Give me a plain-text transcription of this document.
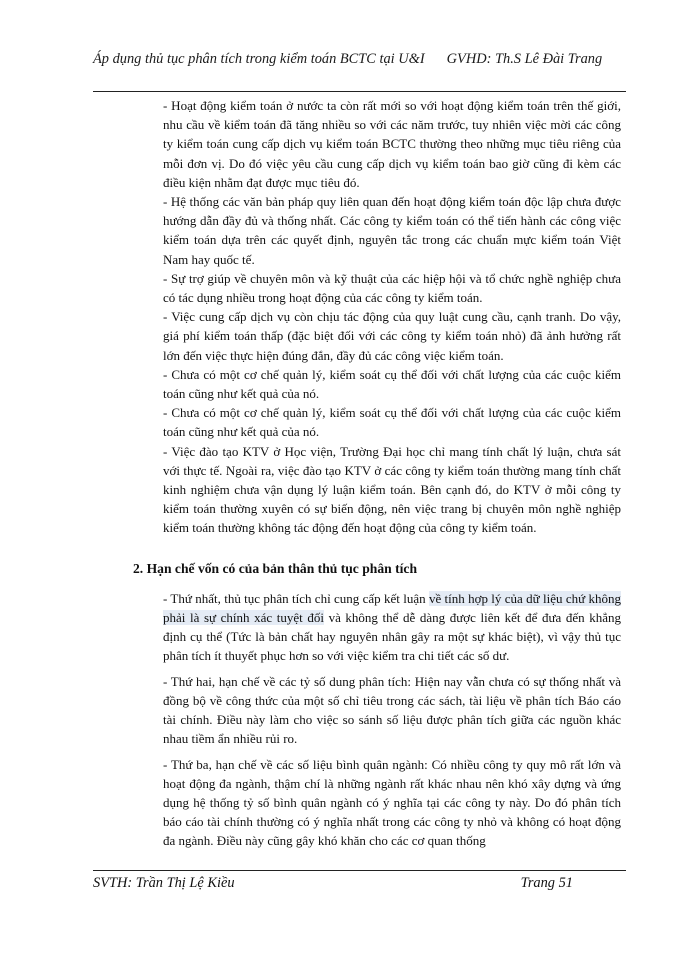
Áp dụng thủ tục phân tích trong kiểm toán BCTC tại U&I GVHD: Th.S Lê Đài Trang

- Hoạt động kiểm toán ở nước ta còn rất mới so với hoạt động kiểm toán trên thế giới, nhu cầu về kiểm toán đã tăng nhiều so với các năm trước, tuy nhiên việc mời các công ty kiểm toán cung cấp dịch vụ kiểm toán BCTC thường theo những mục tiêu riêng của mỗi đơn vị. Do đó việc yêu cầu cung cấp dịch vụ kiểm toán bao giờ cũng đi kèm các điều kiện nhằm đạt được mục tiêu đó.

- Hệ thống các văn bản pháp quy liên quan đến hoạt động kiểm toán độc lập chưa được hướng dẫn đầy đủ và thống nhất. Các công ty kiểm toán có thể tiến hành các công việc kiểm toán dựa trên các quyết định, nguyên tắc trong các chuẩn mực kiểm toán Việt Nam hay quốc tế.

- Sự trợ giúp về chuyên môn và kỹ thuật của các hiệp hội và tổ chức nghề nghiệp chưa có tác dụng nhiều trong hoạt động của các công ty kiểm toán.

- Việc cung cấp dịch vụ còn chịu tác động của quy luật cung cầu, cạnh tranh. Do vậy, giá phí kiểm toán thấp (đặc biệt đối với các công ty kiểm toán nhỏ) đã ảnh hưởng rất lớn đến việc thực hiện đúng đắn, đầy đủ các công việc kiểm toán.

- Chưa có một cơ chế quản lý, kiểm soát cụ thể đối với chất lượng của các cuộc kiểm toán cũng như kết quả của nó.

- Chưa có một cơ chế quản lý, kiểm soát cụ thể đối với chất lượng của các cuộc kiểm toán cũng như kết quả của nó.

- Việc đào tạo KTV ở Học viện, Trường Đại học chỉ mang tính chất lý luận, chưa sát với thực tế. Ngoài ra, việc đào tạo KTV ở các công ty kiểm toán thường mang tính chất kinh nghiệm chưa vận dụng lý luận kiểm toán. Bên cạnh đó, do KTV ở mỗi công ty kiểm toán thường xuyên có sự biến động, nên việc trang bị chuyên môn nghề nghiệp kiểm toán thường không tác động đến hoạt động của công ty kiểm toán.

2. Hạn chế vốn có của bản thân thủ tục phân tích

- Thứ nhất, thủ tục phân tích chỉ cung cấp kết luận về tính hợp lý của dữ liệu chứ không phải là sự chính xác tuyệt đối và không thể dễ dàng được liên kết để đưa đến khẳng định cụ thể (Tức là bản chất hay nguyên nhân gây ra một sự khác biệt), vì vậy thủ tục phân tích ít thuyết phục hơn so với việc kiểm tra chi tiết các số dư.

- Thứ hai, hạn chế về các tỷ số dung phân tích: Hiện nay vẫn chưa có sự thống nhất và đồng bộ về công thức của một số chỉ tiêu trong các sách, tài liệu về phân tích Báo cáo tài chính. Điều này làm cho việc so sánh số liệu được phân tích giữa các nguồn khác nhau tiềm ẩn nhiều rủi ro.

- Thứ ba, hạn chế về các số liệu bình quân ngành: Có nhiều công ty quy mô rất lớn và hoạt động đa ngành, thậm chí là những ngành rất khác nhau nên khó xây dựng và ứng dụng hệ thống tỷ số bình quân ngành có ý nghĩa tại các công ty này. Do đó phân tích báo cáo tài chính thường có ý nghĩa nhất trong các công ty nhỏ và không có hoạt động đa ngành. Điều này cũng gây khó khăn cho các cơ quan thống

SVTH: Trần Thị Lệ Kiều	Trang 51
